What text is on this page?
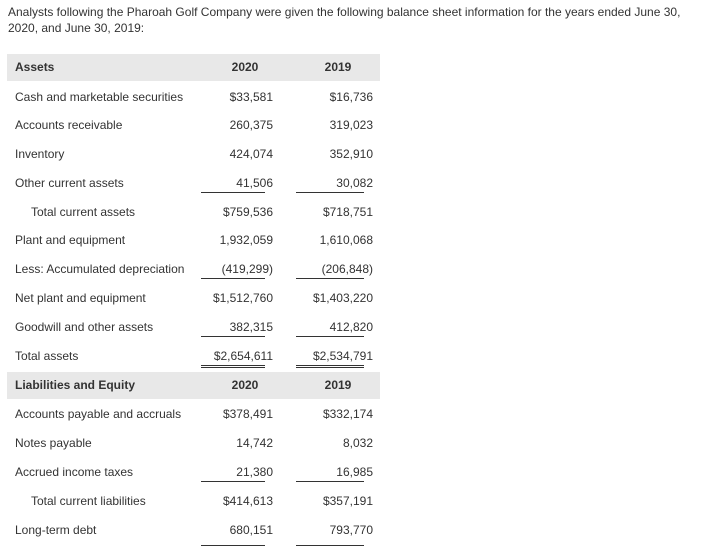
Analysts following the Pharoah Golf Company were given the following balance sheet information for the years ended June 30, 2020, and June 30, 2019:
Assets	2020	2019
Cash and marketable securities	$33,581	$16,736
Accounts receivable	260,375	319,023
Inventory	424,074	352,910
Other current assets	41,506	30,082
Total current assets	$759,536	$718,751
Plant and equipment	1,932,059	1,610,068
Less: Accumulated depreciation	(419,299)	(206,848)
Net plant and equipment	$1,512,760	$1,403,220
Goodwill and other assets	382,315	412,820
Total assets	$2,654,611	$2,534,791
Liabilities and Equity	2020	2019
Accounts payable and accruals	$378,491	$332,174
Notes payable	14,742	8,032
Accrued income taxes	21,380	16,985
Total current liabilities	$414,613	$357,191
Long-term debt	680,151	793,770
